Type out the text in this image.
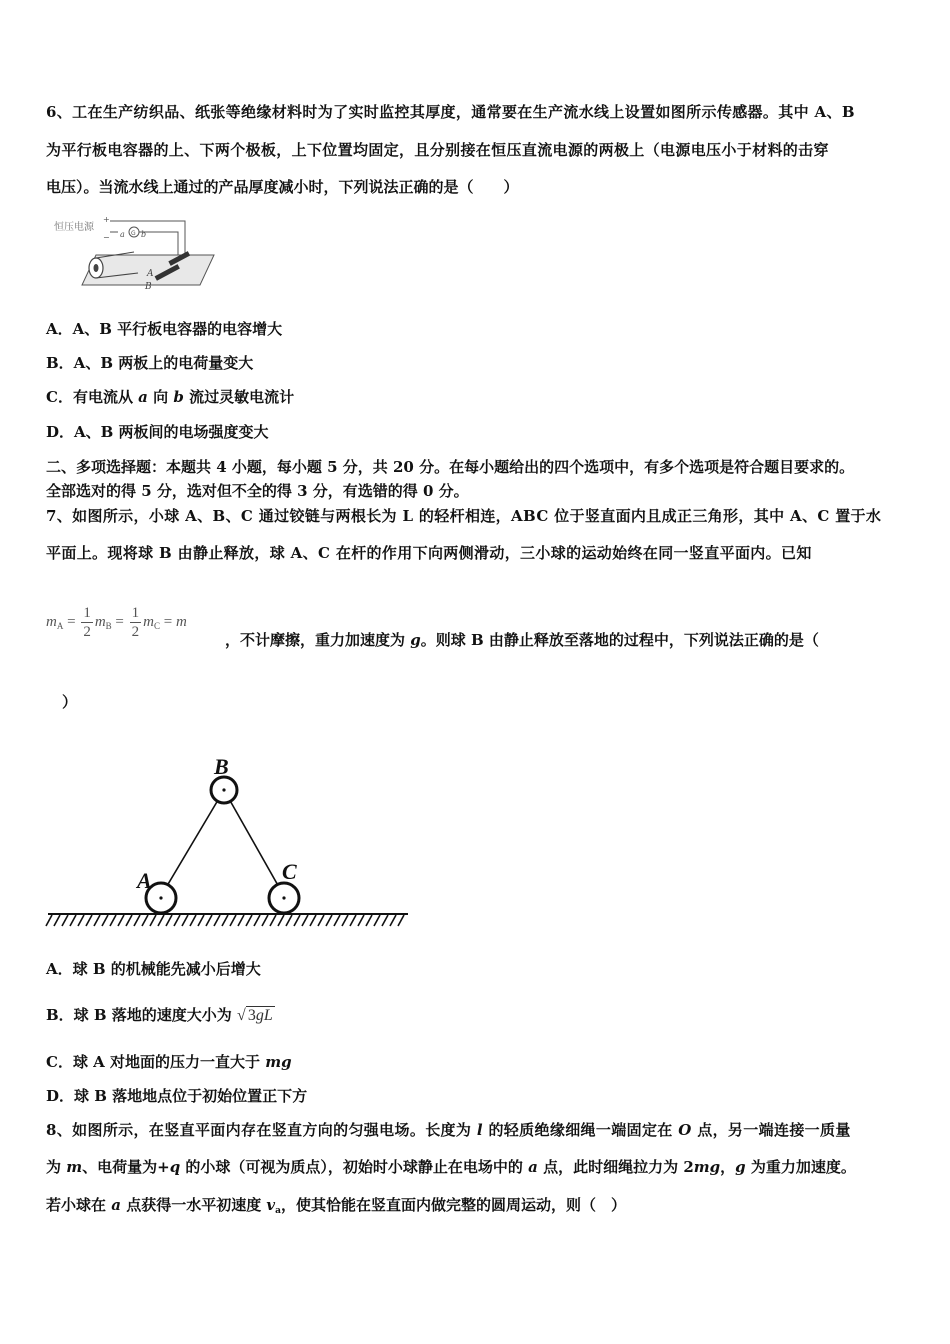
6、工在生产纺织品、纸张等绝缘材料时为了实时监控其厚度，通常要在生产流水线上设置如图所示传感器。其中 A、B
为平行板电容器的上、下两个极板，上下位置均固定，且分别接在恒压直流电源的两极上（电源电压小于材料的击穿
电压）。当流水线上通过的产品厚度减小时，下列说法正确的是（　　）
恒压电源
+
− a G b
A
B
A．A、B 平行板电容器的电容增大
B．A、B 两板上的电荷量变大
C．有电流从 a 向 b 流过灵敏电流计
D．A、B 两板间的电场强度变大
二、多项选择题：本题共 4 小题，每小题 5 分，共 20 分。在每小题给出的四个选项中，有多个选项是符合题目要求的。
全部选对的得 5 分，选对但不全的得 3 分，有选错的得 0 分。
7、如图所示，小球 A、B、C 通过铰链与两根长为 L 的轻杆相连，ABC 位于竖直面内且成正三角形，其中 A、C 置于水
平面上。现将球 B 由静止释放，球 A、C 在杆的作用下向两侧滑动，三小球的运动始终在同一竖直平面内。已知
$m_A = \frac{1}{2} m_B = \frac{1}{2} m_C = m$
，不计摩擦，重力加速度为 g。则球 B 由静止释放至落地的过程中，下列说法正确的是（
）
B
A	C
A．球 B 的机械能先减小后增大
B．球 B 落地的速度大小为 √ 3gL
C．球 A 对地面的压力一直大于 mg
D．球 B 落地地点位于初始位置正下方
8、如图所示，在竖直平面内存在竖直方向的匀强电场。长度为 l 的轻质绝缘细绳一端固定在 O 点，另一端连接一质量
为 m、电荷量为+q 的小球（可视为质点），初始时小球静止在电场中的 a 点，此时细绳拉力为 2mg，g 为重力加速度。
若小球在 a 点获得一水平初速度 $v_a$，使其恰能在竖直面内做完整的圆周运动，则（　）
